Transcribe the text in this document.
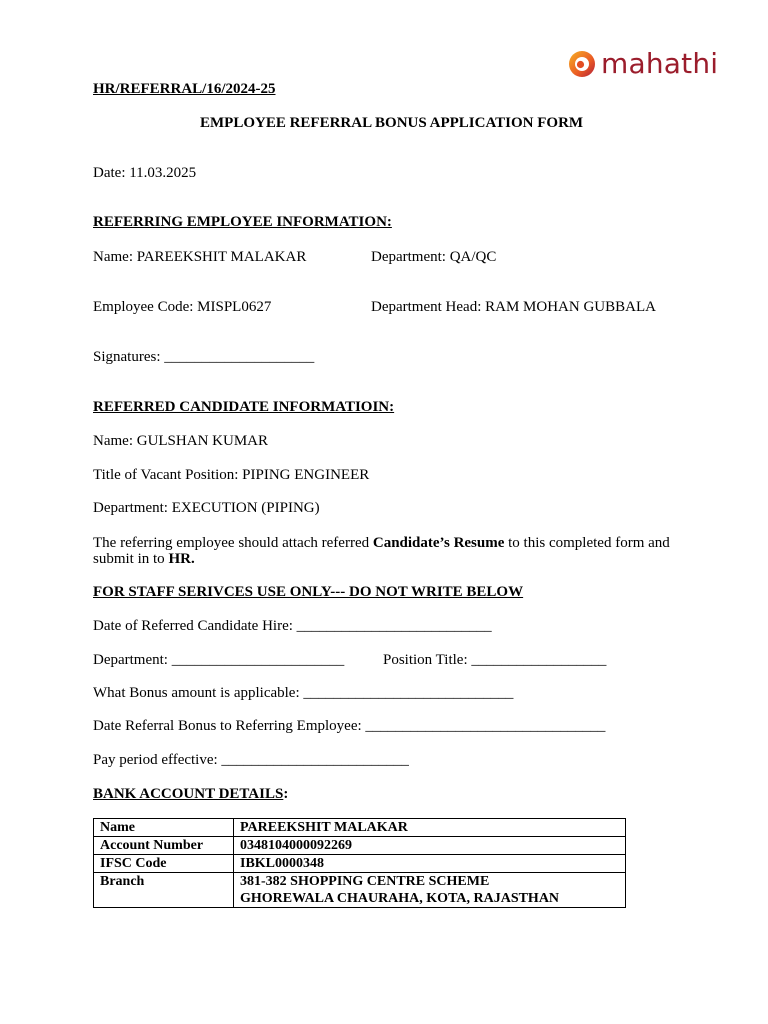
mahathi
HR/REFERRAL/16/2024-25
EMPLOYEE REFERRAL BONUS APPLICATION FORM
Date: 11.03.2025
REFERRING EMPLOYEE INFORMATION:
Name: PAREEKSHIT MALAKAR	Department: QA/QC
Employee Code: MISPL0627	Department Head: RAM MOHAN GUBBALA
Signatures: ____________________
REFERRED CANDIDATE INFORMATIOIN:
Name: GULSHAN KUMAR
Title of Vacant Position: PIPING ENGINEER
Department: EXECUTION (PIPING)
The referring employee should attach referred Candidate’s Resume to this completed form and
submit in to HR.
FOR STAFF SERIVCES USE ONLY--- DO NOT WRITE BELOW
Date of Referred Candidate Hire: __________________________
Department: _______________________	Position Title: __________________
What Bonus amount is applicable: ____________________________
Date Referral Bonus to Referring Employee: ________________________________
Pay period effective: _________________________
BANK ACCOUNT DETAILS:
Name	PAREEKSHIT MALAKAR
Account Number	0348104000092269
IFSC Code	IBKL0000348
Branch	381-382 SHOPPING CENTRE SCHEME
GHOREWALA CHAURAHA, KOTA, RAJASTHAN
